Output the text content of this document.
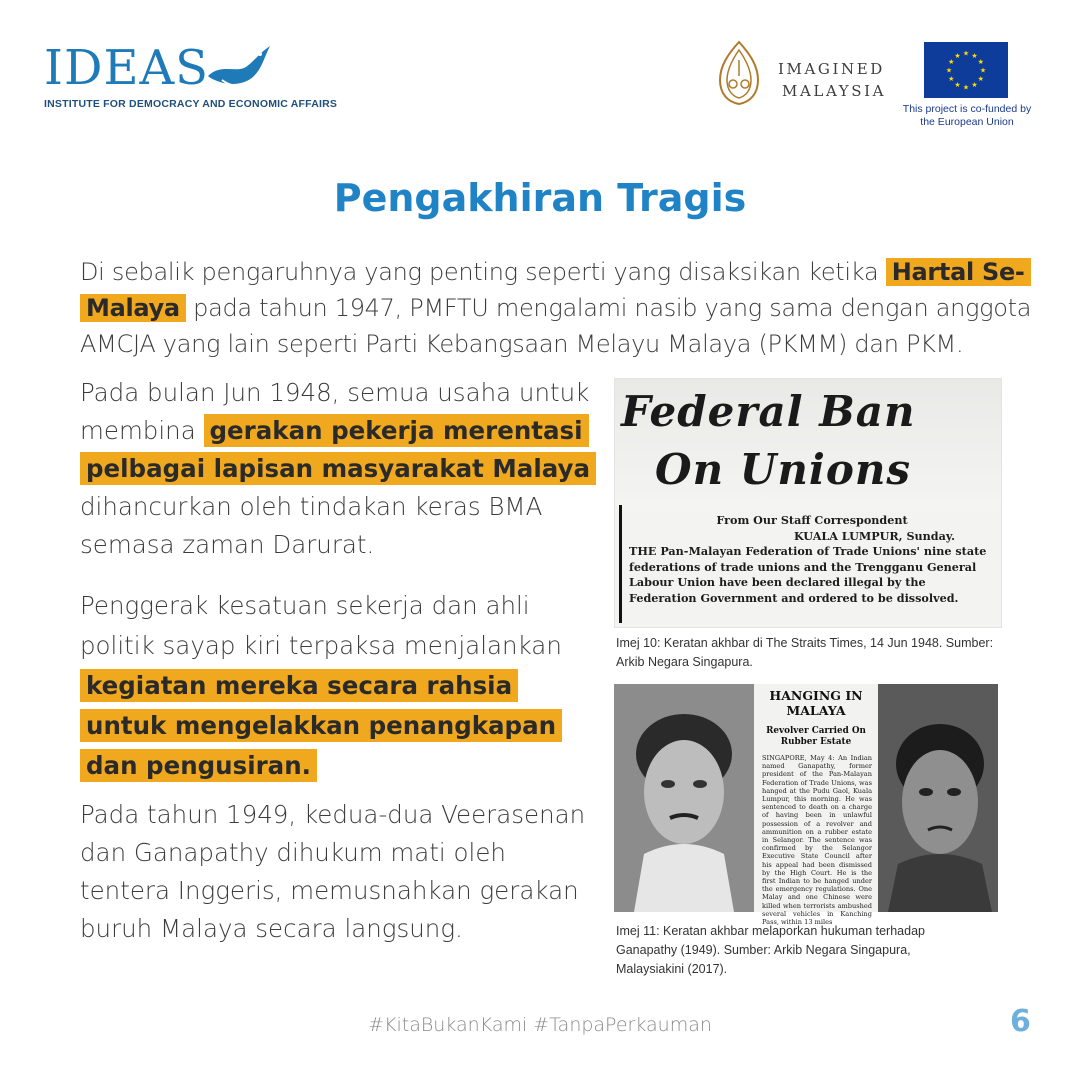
IDEAS
INSTITUTE FOR DEMOCRACY AND ECONOMIC AFFAIRS
IMAGINED
MALAYSIA
★ ★
★
★
★
★
★
★
★
★
★
★
This project is co-funded by the European Union
Pengakhiran Tragis
Di sebalik pengaruhnya yang penting seperti yang disaksikan ketika Hartal Se-Malaya pada tahun 1947, PMFTU mengalami nasib yang sama dengan anggota AMCJA yang lain seperti Parti Kebangsaan Melayu Malaya (PKMM) dan PKM.
Pada bulan Jun 1948, semua usaha untuk membina gerakan pekerja merentasi pelbagai lapisan masyarakat Malaya dihancurkan oleh tindakan keras BMA semasa zaman Darurat.
Penggerak kesatuan sekerja dan ahli politik sayap kiri terpaksa menjalankan kegiatan mereka secara rahsia untuk mengelakkan penangkapan dan pengusiran.
Pada tahun 1949, kedua-dua Veerasenan dan Ganapathy dihukum mati oleh tentera Inggeris, memusnahkan gerakan buruh Malaya secara langsung.
Federal Ban
On Unions
From Our Staff Correspondent
KUALA LUMPUR, Sunday.
THE Pan-Malayan Federation of Trade Unions' nine state federations of trade unions and the Trengganu General Labour Union have been declared illegal by the Federation Government and ordered to be dissolved.
Imej 10: Keratan akhbar di The Straits Times, 14 Jun 1948. Sumber: Arkib Negara Singapura.
HANGING IN MALAYA
Revolver Carried On Rubber Estate
SINGAPORE, May 4: An Indian named Ganapathy, former president of the Pan-Malayan Federation of Trade Unions, was hanged at the Pudu Gaol, Kuala Lumpur, this morning. He was sentenced to death on a charge of having been in unlawful possession of a revolver and ammunition on a rubber estate in Selangor. The sentence was confirmed by the Selangor Executive State Council after his appeal had been dismissed by the High Court. He is the first Indian to be hanged under the emergency regulations. One Malay and one Chinese were killed when terrorists ambushed several vehicles in Kanching Pass, within 13 miles
Imej 11: Keratan akhbar melaporkan hukuman terhadap Ganapathy (1949). Sumber: Arkib Negara Singapura, Malaysiakini (2017).
#KitaBukanKami #TanpaPerkauman	6
